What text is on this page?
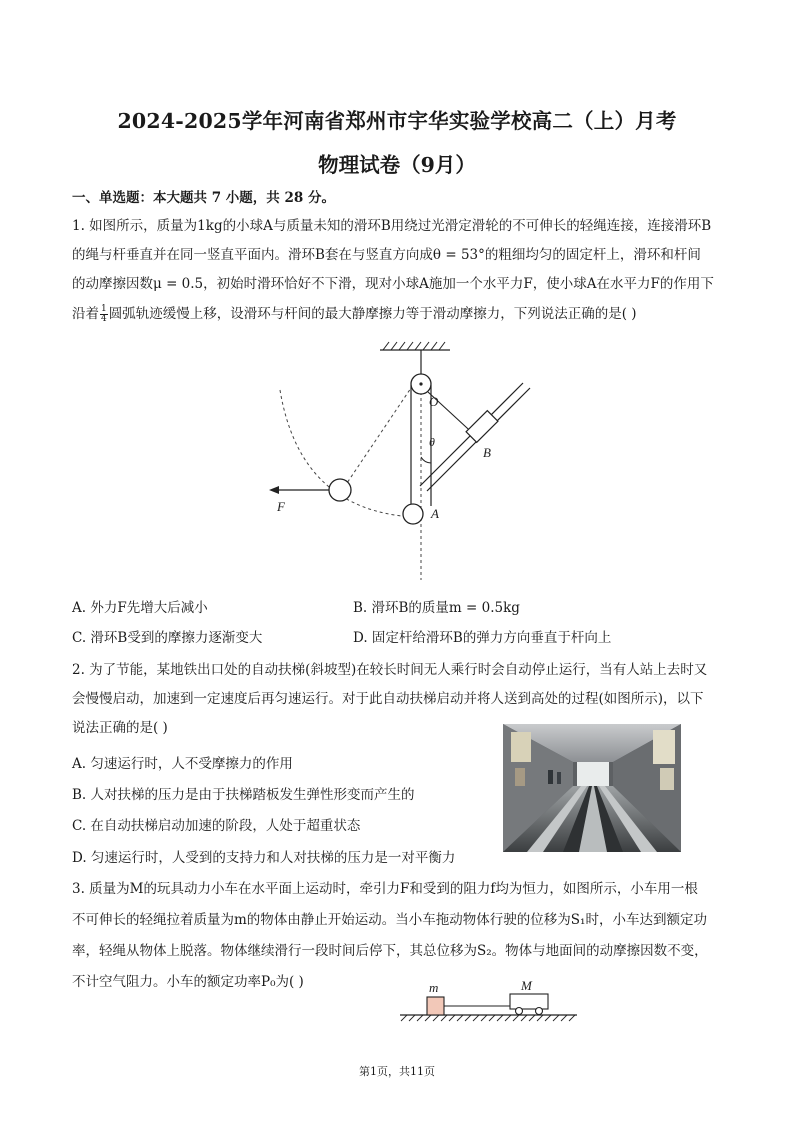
2024-2025学年河南省郑州市宇华实验学校高二（上）月考
物理试卷（9月）
一、单选题：本大题共 7 小题，共 28 分。
1. 如图所示，质量为1kg的小球A与质量未知的滑环B用绕过光滑定滑轮的不可伸长的轻绳连接，连接滑环B
的绳与杆垂直并在同一竖直平面内。滑环B套在与竖直方向成θ = 53°的粗细均匀的固定杆上，滑环和杆间
的动摩擦因数μ = 0.5，初始时滑环恰好不下滑，现对小球A施加一个水平力F，使小球A在水平力F的作用下
沿着 $\frac{1}{4}$ 圆弧轨迹缓慢上移，设滑环与杆间的最大静摩擦力等于滑动摩擦力，下列说法正确的是( )
O
θ
B
A
F
A. 外力F先增大后减小	B. 滑环B的质量m = 0.5kg
C. 滑环B受到的摩擦力逐渐变大	D. 固定杆给滑环B的弹力方向垂直于杆向上
2. 为了节能，某地铁出口处的自动扶梯(斜坡型)在较长时间无人乘行时会自动停止运行，当有人站上去时又
会慢慢启动，加速到一定速度后再匀速运行。对于此自动扶梯启动并将人送到高处的过程(如图所示)，以下
说法正确的是( )
A. 匀速运行时，人不受摩擦力的作用
B. 人对扶梯的压力是由于扶梯踏板发生弹性形变而产生的
C. 在自动扶梯启动加速的阶段，人处于超重状态
D. 匀速运行时，人受到的支持力和人对扶梯的压力是一对平衡力
3. 质量为M的玩具动力小车在水平面上运动时，牵引力F和受到的阻力f均为恒力，如图所示，小车用一根
不可伸长的轻绳拉着质量为m的物体由静止开始运动。当小车拖动物体行驶的位移为S₁时，小车达到额定功
率，轻绳从物体上脱落。物体继续滑行一段时间后停下，其总位移为S₂。物体与地面间的动摩擦因数不变，
不计空气阻力。小车的额定功率P₀为( )	m	M
第1页，共11页
